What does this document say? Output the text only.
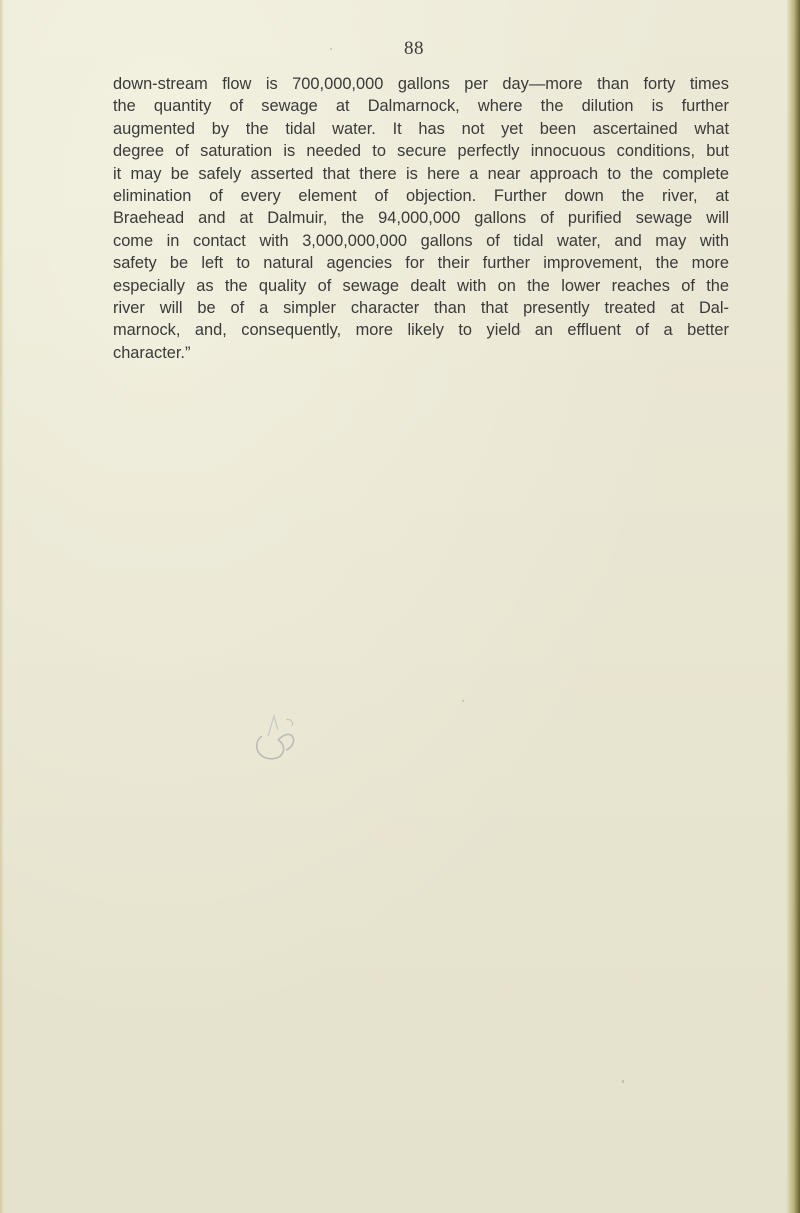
88

down-stream flow is 700,000,000 gallons per day—more than forty times
the quantity of sewage at Dalmarnock, where the dilution is further
augmented by the tidal water. It has not yet been ascertained what
degree of saturation is needed to secure perfectly innocuous conditions, but
it may be safely asserted that there is here a near approach to the complete
elimination of every element of objection. Further down the river, at
Braehead and at Dalmuir, the 94,000,000 gallons of purified sewage will
come in contact with 3,000,000,000 gallons of tidal water, and may with
safety be left to natural agencies for their further improvement, the more
especially as the quality of sewage dealt with on the lower reaches of the
river will be of a simpler character than that presently treated at Dal-
marnock, and, consequently, more likely to yield an effluent of a better
character.”
